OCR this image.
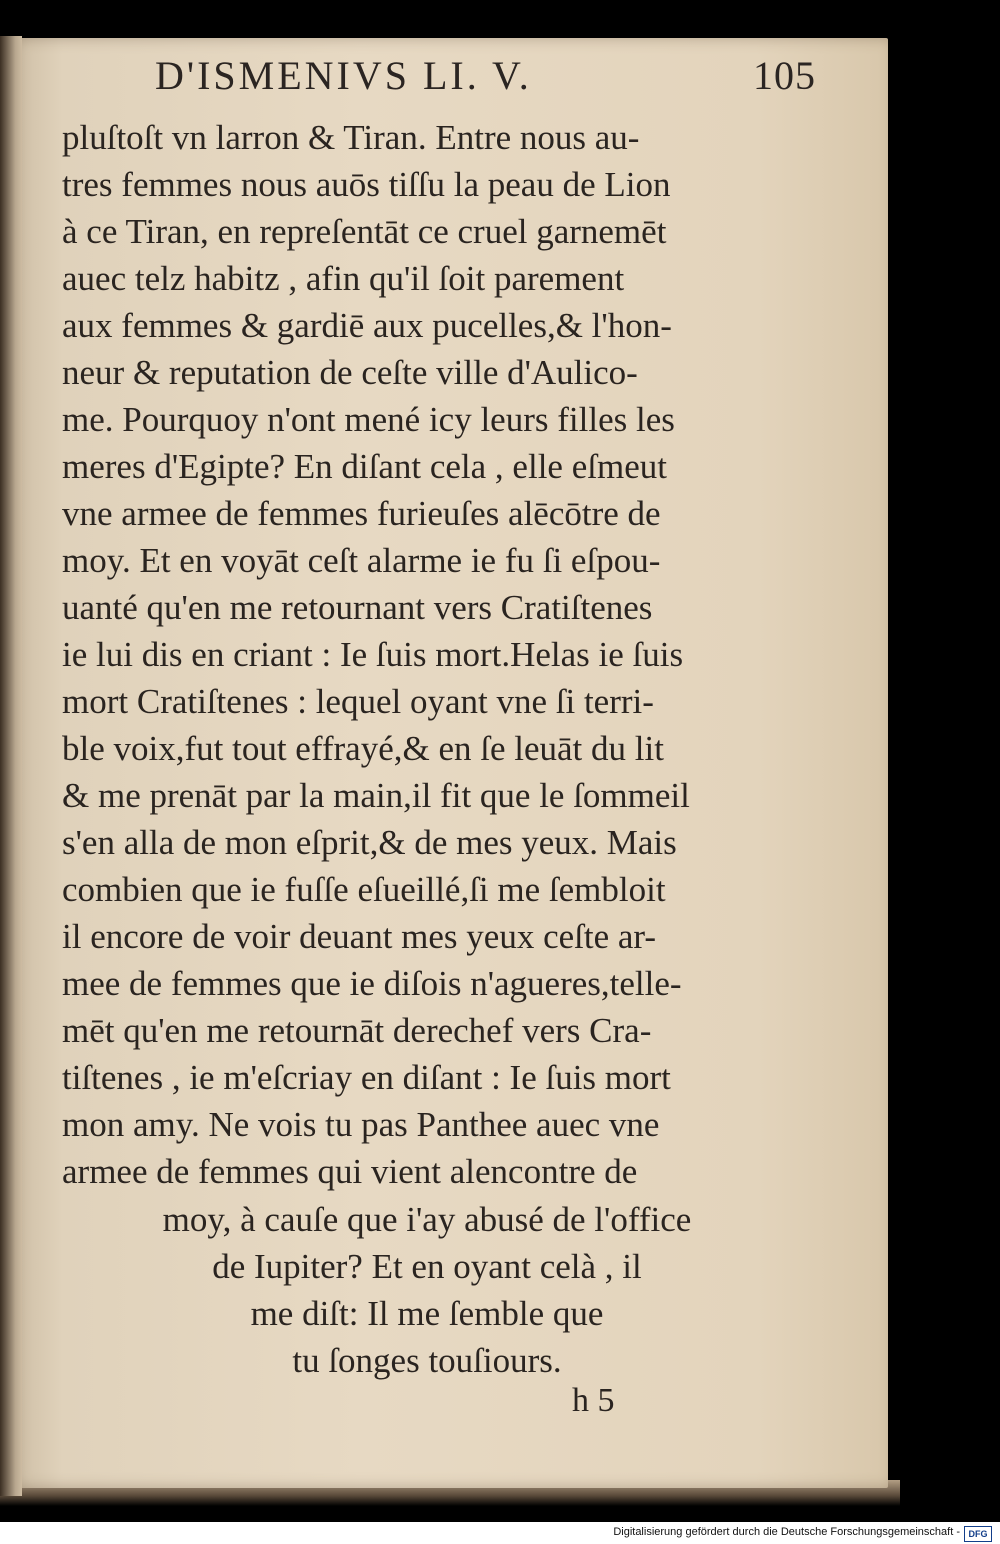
D'ISMENIVS LI. V.	105
pluſtoſt vn larron & Tiran. Entre nous au-
tres femmes nous auōs tiſſu la peau de Lion
à ce Tiran, en repreſentāt ce cruel garnemēt
auec telz habitz , afin qu'il ſoit parement
aux femmes & gardiē aux pucelles,& l'hon-
neur & reputation de ceſte ville d'Aulico-
me. Pourquoy n'ont mené icy leurs filles les
meres d'Egipte? En diſant cela , elle eſmeut
vne armee de femmes furieuſes alēcōtre de
moy. Et en voyāt ceſt alarme ie fu ſi eſpou-
uanté qu'en me retournant vers Cratiſtenes
ie lui dis en criant : Ie ſuis mort.Helas ie ſuis
mort Cratiſtenes : lequel oyant vne ſi terri-
ble voix,fut tout effrayé,& en ſe leuāt du lit
& me prenāt par la main,il fit que le ſommeil
s'en alla de mon eſprit,& de mes yeux. Mais
combien que ie fuſſe eſueillé,ſi me ſembloit
il encore de voir deuant mes yeux ceſte ar-
mee de femmes que ie diſois n'agueres,telle-
mēt qu'en me retournāt derechef vers Cra-
tiſtenes , ie m'eſcriay en diſant : Ie ſuis mort
mon amy. Ne vois tu pas Panthee auec vne
armee de femmes qui vient alencontre de
moy, à cauſe que i'ay abusé de l'office
de Iupiter? Et en oyant celà , il
me diſt: Il me ſemble que
tu ſonges touſiours.
h 5
Digitalisierung gefördert durch die Deutsche Forschungsgemeinschaft - DFG
